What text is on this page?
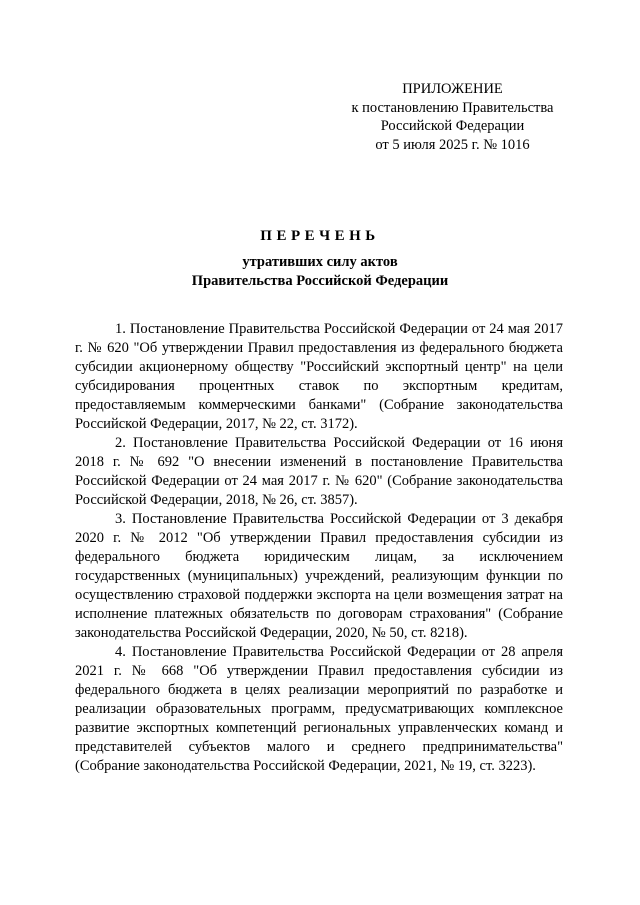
ПРИЛОЖЕНИЕ
к постановлению Правительства
Российской Федерации
от 5 июля 2025 г. № 1016
ПЕРЕЧЕНЬ
утративших силу актов
Правительства Российской Федерации

1. Постановление Правительства Российской Федерации от 24 мая 2017 г. № 620 "Об утверждении Правил предоставления из федерального бюджета субсидии акционерному обществу "Российский экспортный центр" на цели субсидирования процентных ставок по экспортным кредитам, предоставляемым коммерческими банками" (Собрание законодательства Российской Федерации, 2017, № 22, ст. 3172).

2. Постановление Правительства Российской Федерации от 16 июня 2018 г. № 692 "О внесении изменений в постановление Правительства Российской Федерации от 24 мая 2017 г. № 620" (Собрание законодательства Российской Федерации, 2018, № 26, ст. 3857).

3. Постановление Правительства Российской Федерации от 3 декабря 2020 г. № 2012 "Об утверждении Правил предоставления субсидии из федерального бюджета юридическим лицам, за исключением государственных (муниципальных) учреждений, реализующим функции по осуществлению страховой поддержки экспорта на цели возмещения затрат на исполнение платежных обязательств по договорам страхования" (Собрание законодательства Российской Федерации, 2020, № 50, ст. 8218).

4. Постановление Правительства Российской Федерации от 28 апреля 2021 г. № 668 "Об утверждении Правил предоставления субсидии из федерального бюджета в целях реализации мероприятий по разработке и реализации образовательных программ, предусматривающих комплексное развитие экспортных компетенций региональных управленческих команд и представителей субъектов малого и среднего предпринимательства" (Собрание законодательства Российской Федерации, 2021, № 19, ст. 3223).
